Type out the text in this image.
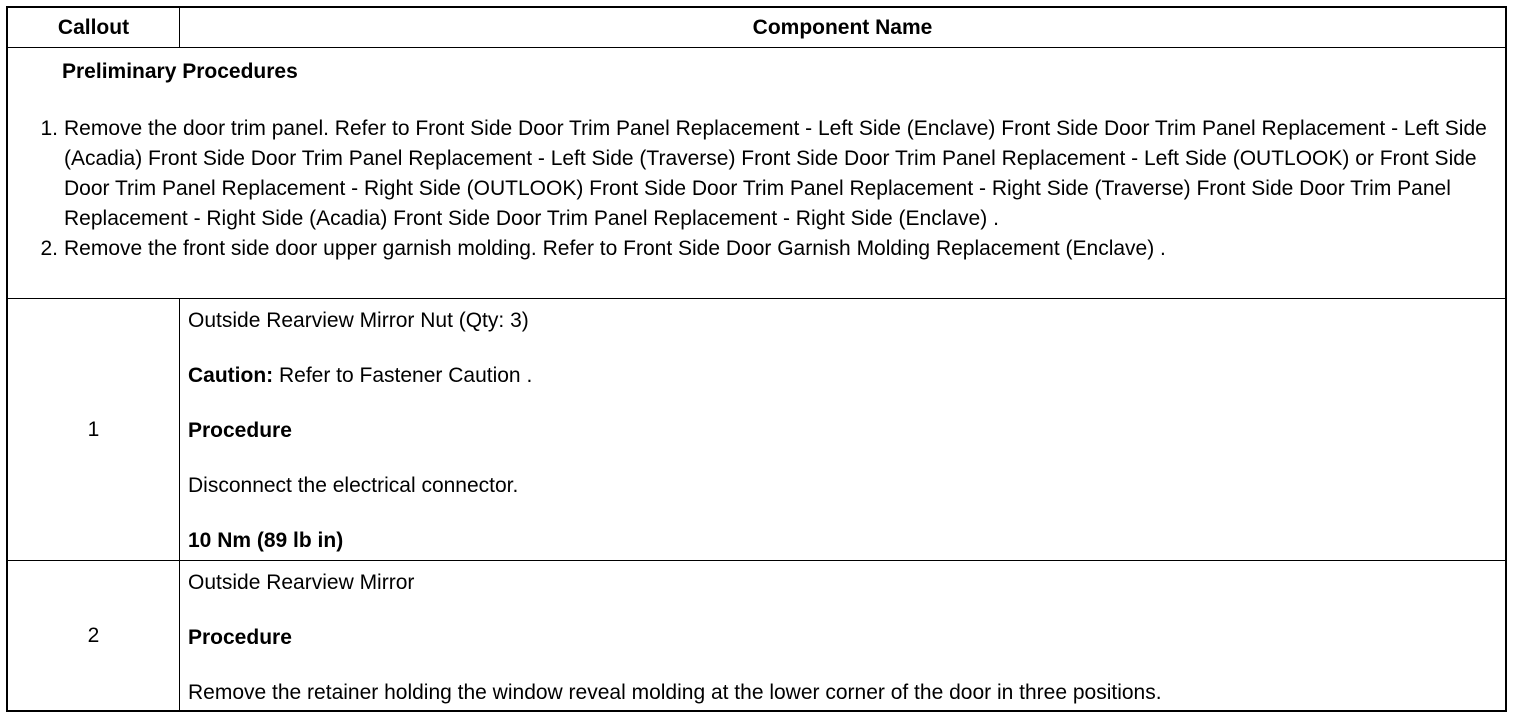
Callout	Component Name
Preliminary Procedures
1. Remove the door trim panel. Refer to Front Side Door Trim Panel Replacement - Left Side (Enclave) Front Side Door Trim Panel Replacement - Left Side (Acadia) Front Side Door Trim Panel Replacement - Left Side (Traverse) Front Side Door Trim Panel Replacement - Left Side (OUTLOOK) or Front Side Door Trim Panel Replacement - Right Side (OUTLOOK) Front Side Door Trim Panel Replacement - Right Side (Traverse) Front Side Door Trim Panel Replacement - Right Side (Acadia) Front Side Door Trim Panel Replacement - Right Side (Enclave) .
2. Remove the front side door upper garnish molding. Refer to Front Side Door Garnish Molding Replacement (Enclave) .
1
Outside Rearview Mirror Nut (Qty: 3)
Caution: Refer to Fastener Caution .
Procedure
Disconnect the electrical connector.
10 Nm (89 lb in)
2
Outside Rearview Mirror
Procedure
Remove the retainer holding the window reveal molding at the lower corner of the door in three positions.
